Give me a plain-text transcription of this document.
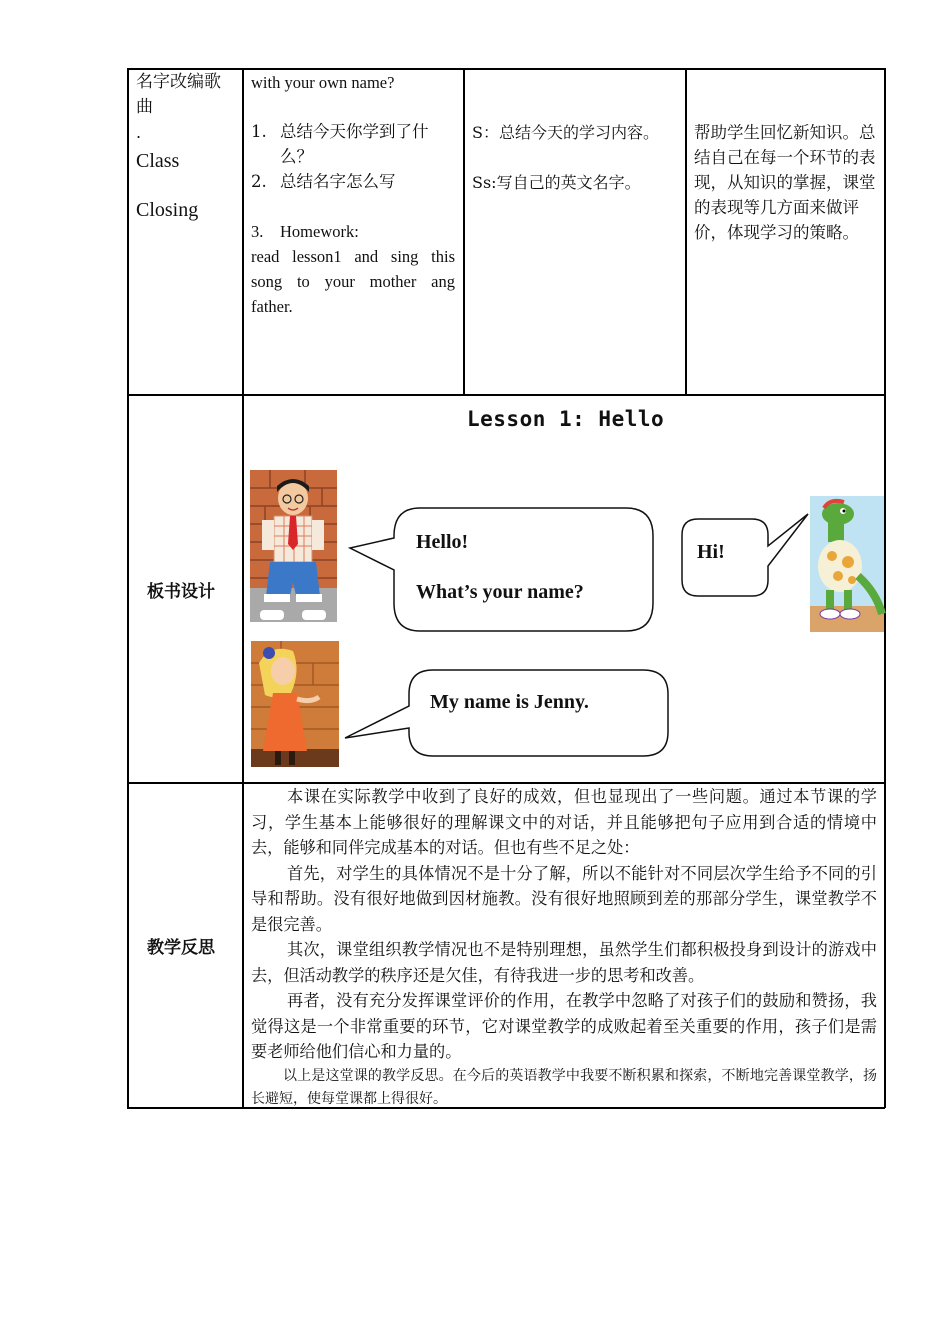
名字改编歌
曲
.
Class
Closing
with your own name?
1. 总结今天你学到了什么？
2. 总结名字怎么写
3. Homework:
read lesson1 and sing this song to your mother ang father.
S：总结今天的学习内容。
Ss:写自己的英文名字。
帮助学生回忆新知识。总结自己在每一个环节的表现，从知识的掌握，课堂的表现等几方面来做评价，体现学习的策略。
板书设计
Lesson 1: Hello
Hello!
What’s your name?
Hi!
My name is Jenny.
教学反思

本课在实际教学中收到了良好的成效，但也显现出了一些问题。通过本节课的学习，学生基本上能够很好的理解课文中的对话，并且能够把句子应用到合适的情境中去，能够和同伴完成基本的对话。但也有些不足之处：

首先，对学生的具体情况不是十分了解，所以不能针对不同层次学生给予不同的引导和帮助。没有很好地做到因材施教。没有很好地照顾到差的那部分学生，课堂教学不是很完善。

其次，课堂组织教学情况也不是特别理想，虽然学生们都积极投身到设计的游戏中去，但活动教学的秩序还是欠佳，有待我进一步的思考和改善。

再者，没有充分发挥课堂评价的作用，在教学中忽略了对孩子们的鼓励和赞扬，我觉得这是一个非常重要的环节，它对课堂教学的成败起着至关重要的作用，孩子们是需要老师给他们信心和力量的。

以上是这堂课的教学反思。在今后的英语教学中我要不断积累和探索，不断地完善课堂教学，扬长避短，使每堂课都上得很好。
